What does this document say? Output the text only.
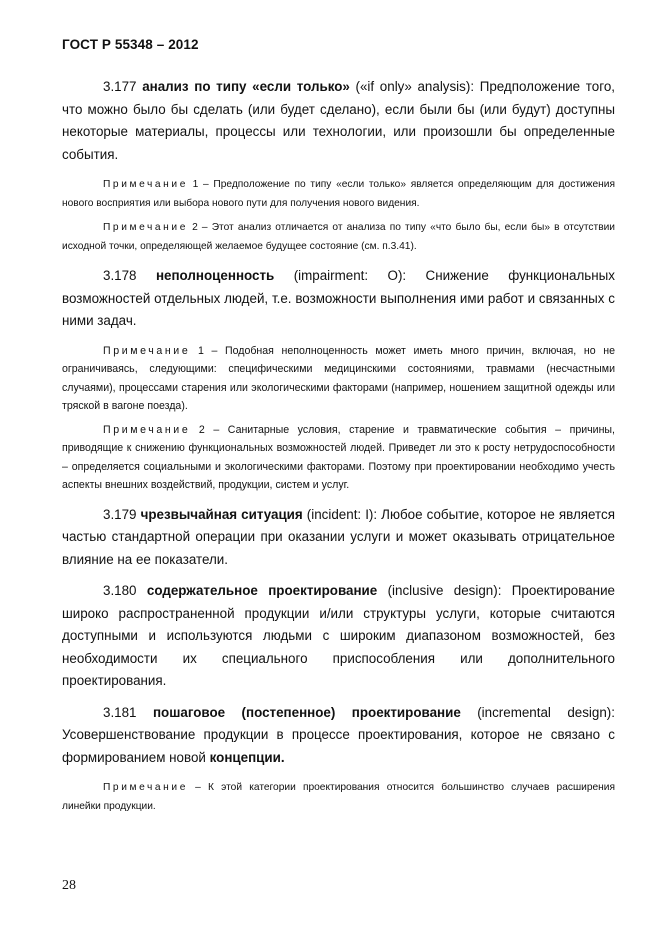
ГОСТ Р 55348 – 2012

3.177 анализ по типу «если только» («if only» analysis): Предположение того, что можно было бы сделать (или будет сделано), если были бы (или будут) доступны некоторые материалы, процессы или технологии, или произошли бы определенные события.

Примечание 1 – Предположение по типу «если только» является определяющим для достижения нового восприятия или выбора нового пути для получения нового видения.

Примечание 2 – Этот анализ отличается от анализа по типу «что было бы, если бы» в отсутствии исходной точки, определяющей желаемое будущее состояние (см. п.3.41).

3.178 неполноценность (impairment: O): Снижение функциональных возможностей отдельных людей, т.е. возможности выполнения ими работ и связанных с ними задач.

Примечание 1 – Подобная неполноценность может иметь много причин, включая, но не ограничиваясь, следующими: специфическими медицинскими состояниями, травмами (несчастными случаями), процессами старения или экологическими факторами (например, ношением защитной одежды или тряской в вагоне поезда).

Примечание 2 – Санитарные условия, старение и травматические события – причины, приводящие к снижению функциональных возможностей людей. Приведет ли это к росту нетрудоспособности – определяется социальными и экологическими факторами. Поэтому при проектировании необходимо учесть аспекты внешних воздействий, продукции, систем и услуг.

3.179 чрезвычайная ситуация (incident: I): Любое событие, которое не является частью стандартной операции при оказании услуги и может оказывать отрицательное влияние на ее показатели.

3.180 содержательное проектирование (inclusive design): Проектирование широко распространенной продукции и/или структуры услуги, которые считаются доступными и используются людьми с широким диапазоном возможностей, без необходимости их специального приспособления или дополнительного проектирования.

3.181 пошаговое (постепенное) проектирование (incremental design): Усовершенствование продукции в процессе проектирования, которое не связано с формированием новой концепции.

Примечание – К этой категории проектирования относится большинство случаев расширения линейки продукции.

28
